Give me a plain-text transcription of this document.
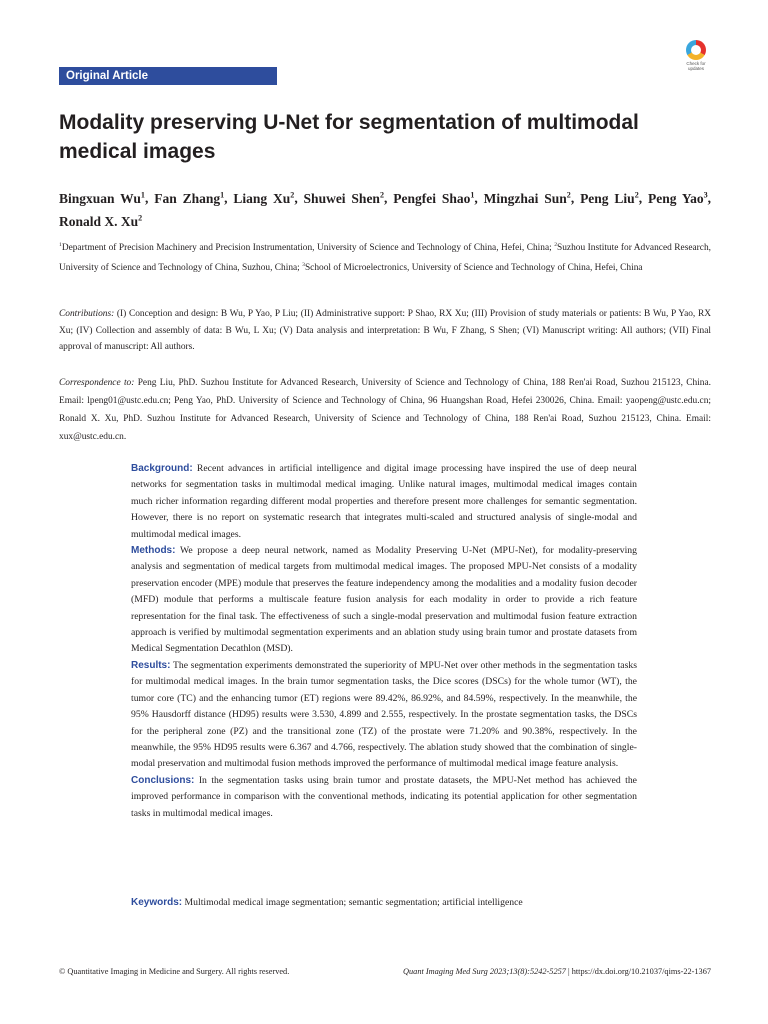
Original Article
Check for updates
Modality preserving U-Net for segmentation of multimodal medical images
Bingxuan Wu$^1$, Fan Zhang$^1$, Liang Xu$^2$, Shuwei Shen$^2$, Pengfei Shao$^1$, Mingzhai Sun$^2$, Peng Liu$^2$, Peng Yao$^3$, Ronald X. Xu$^2$
$^1$Department of Precision Machinery and Precision Instrumentation, University of Science and Technology of China, Hefei, China; $^2$Suzhou Institute for Advanced Research, University of Science and Technology of China, Suzhou, China; $^3$School of Microelectronics, University of Science and Technology of China, Hefei, China
Contributions: (I) Conception and design: B Wu, P Yao, P Liu; (II) Administrative support: P Shao, RX Xu; (III) Provision of study materials or patients: B Wu, P Yao, RX Xu; (IV) Collection and assembly of data: B Wu, L Xu; (V) Data analysis and interpretation: B Wu, F Zhang, S Shen; (VI) Manuscript writing: All authors; (VII) Final approval of manuscript: All authors.
Correspondence to: Peng Liu, PhD. Suzhou Institute for Advanced Research, University of Science and Technology of China, 188 Ren'ai Road, Suzhou 215123, China. Email: lpeng01@ustc.edu.cn; Peng Yao, PhD. University of Science and Technology of China, 96 Huangshan Road, Hefei 230026, China. Email: yaopeng@ustc.edu.cn; Ronald X. Xu, PhD. Suzhou Institute for Advanced Research, University of Science and Technology of China, 188 Ren'ai Road, Suzhou 215123, China. Email: xux@ustc.edu.cn.

Background: Recent advances in artificial intelligence and digital image processing have inspired the use of deep neural networks for segmentation tasks in multimodal medical imaging. Unlike natural images, multimodal medical images contain much richer information regarding different modal properties and therefore present more challenges for semantic segmentation. However, there is no report on systematic research that integrates multi-scaled and structured analysis of single-modal and multimodal medical images.

Methods: We propose a deep neural network, named as Modality Preserving U-Net (MPU-Net), for modality-preserving analysis and segmentation of medical targets from multimodal medical images. The proposed MPU-Net consists of a modality preservation encoder (MPE) module that preserves the feature independency among the modalities and a modality fusion decoder (MFD) module that performs a multiscale feature fusion analysis for each modality in order to provide a rich feature representation for the final task. The effectiveness of such a single-modal preservation and multimodal fusion feature extraction approach is verified by multimodal segmentation experiments and an ablation study using brain tumor and prostate datasets from Medical Segmentation Decathlon (MSD).

Results: The segmentation experiments demonstrated the superiority of MPU-Net over other methods in the segmentation tasks for multimodal medical images. In the brain tumor segmentation tasks, the Dice scores (DSCs) for the whole tumor (WT), the tumor core (TC) and the enhancing tumor (ET) regions were 89.42%, 86.92%, and 84.59%, respectively. In the meanwhile, the 95% Hausdorff distance (HD95) results were 3.530, 4.899 and 2.555, respectively. In the prostate segmentation tasks, the DSCs for the peripheral zone (PZ) and the transitional zone (TZ) of the prostate were 71.20% and 90.38%, respectively. In the meanwhile, the 95% HD95 results were 6.367 and 4.766, respectively. The ablation study showed that the combination of single-modal preservation and multimodal fusion methods improved the performance of multimodal medical image feature analysis.

Conclusions: In the segmentation tasks using brain tumor and prostate datasets, the MPU-Net method has achieved the improved performance in comparison with the conventional methods, indicating its potential application for other segmentation tasks in multimodal medical images.

Keywords: Multimodal medical image segmentation; semantic segmentation; artificial intelligence
© Quantitative Imaging in Medicine and Surgery. All rights reserved.	Quant Imaging Med Surg 2023;13(8):5242-5257 | https://dx.doi.org/10.21037/qims-22-1367
